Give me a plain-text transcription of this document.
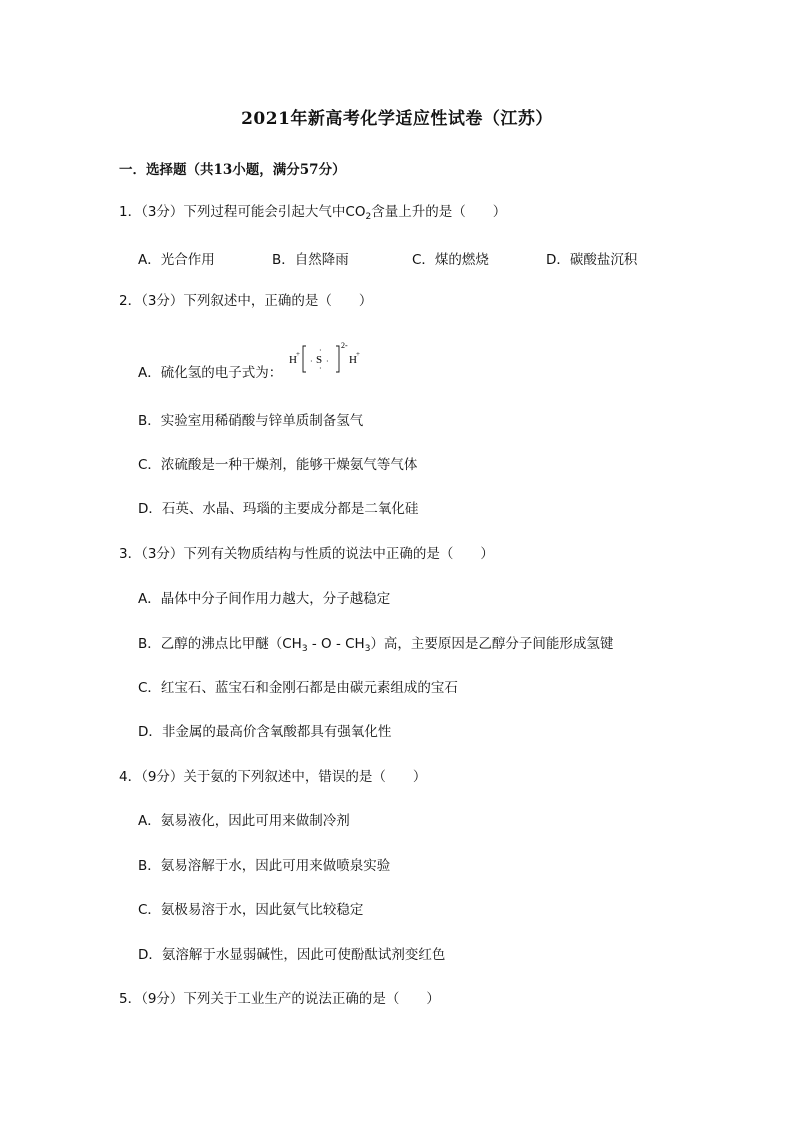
2021年新高考化学适应性试卷（江苏）
一．选择题（共13小题，满分57分）
1．（3分）下列过程可能会引起大气中$CO_2$含量上升的是（　　）
A．光合作用	B．自然降雨	C．煤的燃烧	D．碳酸盐沉积
2．（3分）下列叙述中，正确的是（　　）
A．硫化氢的电子式为：
H +
· S
·
·
·
2-
H +
B．实验室用稀硝酸与锌单质制备氢气
C．浓硫酸是一种干燥剂，能够干燥氨气等气体
D．石英、水晶、玛瑙的主要成分都是二氧化硅
3．（3分）下列有关物质结构与性质的说法中正确的是（　　）
A．晶体中分子间作用力越大，分子越稳定
B．乙醇的沸点比甲醚（$CH_3$ - O - $CH_3$）高，主要原因是乙醇分子间能形成氢键
C．红宝石、蓝宝石和金刚石都是由碳元素组成的宝石
D．非金属的最高价含氧酸都具有强氧化性
4．（9分）关于氨的下列叙述中，错误的是（　　）
A．氨易液化，因此可用来做制冷剂
B．氨易溶解于水，因此可用来做喷泉实验
C．氨极易溶于水，因此氨气比较稳定
D．氨溶解于水显弱碱性，因此可使酚酞试剂变红色
5．（9分）下列关于工业生产的说法正确的是（　　）
